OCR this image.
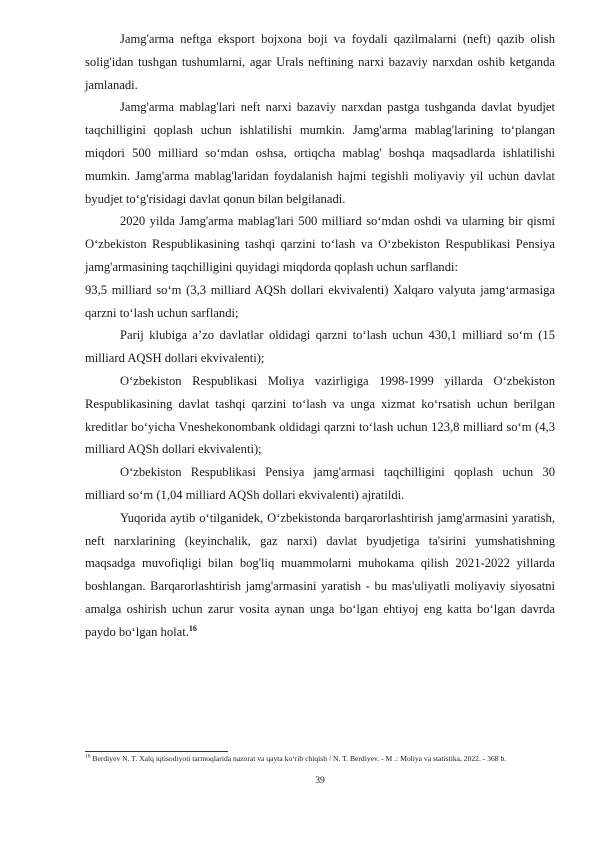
Jamg'arma neftga eksport bojxona boji va foydali qazilmalarni (neft) qazib olish solig'idan tushgan tushumlarni, agar Urals neftining narxi bazaviy narxdan oshib ketganda jamlanadi.

Jamg'arma mablag'lari neft narxi bazaviy narxdan pastga tushganda davlat byudjet taqchilligini qoplash uchun ishlatilishi mumkin. Jamg'arma mablag'larining to‘plangan miqdori 500 milliard so‘mdan oshsa, ortiqcha mablag' boshqa maqsadlarda ishlatilishi mumkin. Jamg'arma mablag'laridan foydalanish hajmi tegishli moliyaviy yil uchun davlat byudjet to‘g'risidagi davlat qonun bilan belgilanadi.

2020 yilda Jamg'arma mablag'lari 500 milliard so‘mdan oshdi va ularning bir qismi O‘zbekiston Respublikasining tashqi qarzini to‘lash va O‘zbekiston Respublikasi Pensiya jamg'armasining taqchilligini quyidagi miqdorda qoplash uchun sarflandi:

93,5 milliard so‘m (3,3 milliard AQSh dollari ekvivalenti) Xalqaro valyuta jamg‘armasiga qarzni to‘lash uchun sarflandi;

Parij klubiga a’zo davlatlar oldidagi qarzni to‘lash uchun 430,1 milliard so‘m (15 milliard AQSH dollari ekvivalenti);

O‘zbekiston Respublikasi Moliya vazirligiga 1998-1999 yillarda O‘zbekiston Respublikasining davlat tashqi qarzini to‘lash va unga xizmat ko‘rsatish uchun berilgan kreditlar bo‘yicha Vneshekonombank oldidagi qarzni to‘lash uchun 123,8 milliard so‘m (4,3 milliard AQSh dollari ekvivalenti);

O‘zbekiston Respublikasi Pensiya jamg'armasi taqchilligini qoplash uchun 30 milliard so‘m (1,04 milliard AQSh dollari ekvivalenti) ajratildi.

Yuqorida aytib o‘tilganidek, O‘zbekistonda barqarorlashtirish jamg'armasini yaratish, neft narxlarining (keyinchalik, gaz narxi) davlat byudjetiga ta'sirini yumshatishning maqsadga muvofiqligi bilan bog'liq muammolarni muhokama qilish 2021-2022 yillarda boshlangan. Barqarorlashtirish jamg'armasini yaratish - bu mas'uliyatli moliyaviy siyosatni amalga oshirish uchun zarur vosita aynan unga bo‘lgan ehtiyoj eng katta bo‘lgan davrda paydo bo‘lgan holat.$^{16}$

$^{16}$ Berdiyev N. T. Xalq iqtisodiyoti tarmoqlarida nazorat va qayta ko‘rib chiqish / N. T. Berdiyev. - M .: Moliya va statistika, 2022. - 368 b.

39
